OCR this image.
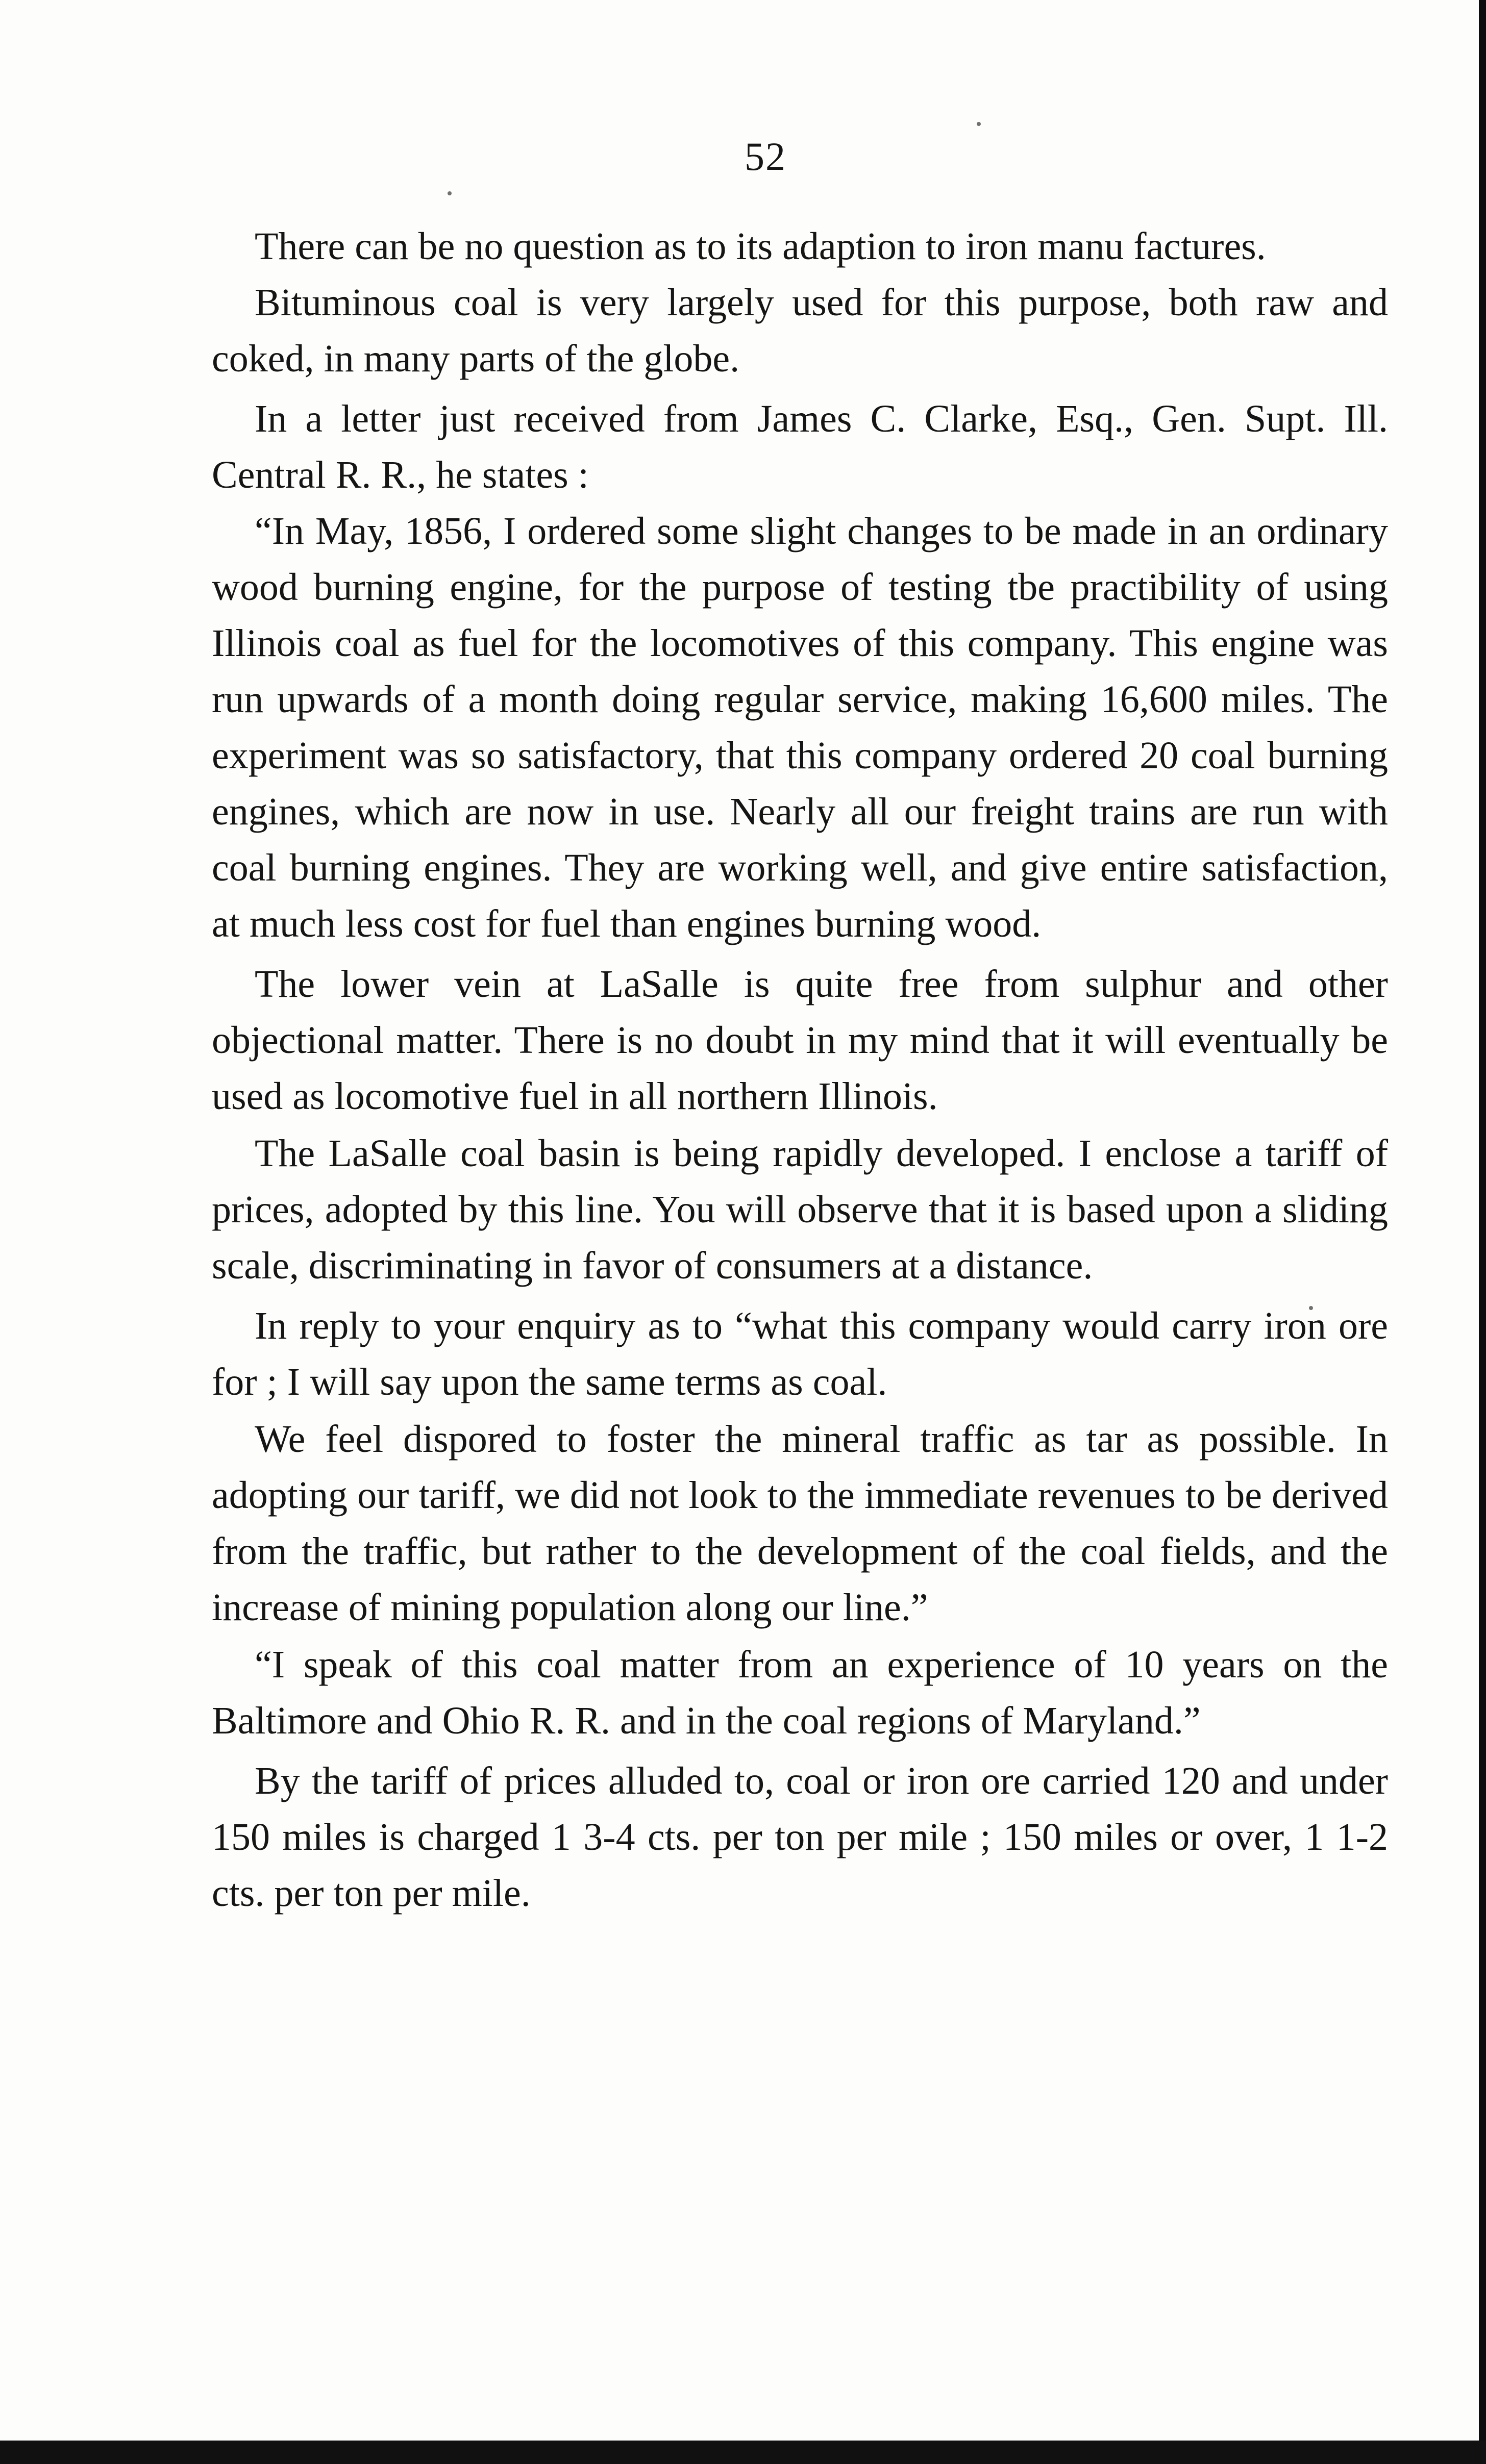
52

There can be no question as to its adaption to iron manu factures.

Bituminous coal is very largely used for this purpose, both raw and coked, in many parts of the globe.

In a letter just received from James C. Clarke, Esq., Gen. Supt. Ill. Central R. R., he states :

“In May, 1856, I ordered some slight changes to be made in an ordinary wood burning engine, for the purpose of testing tbe practibility of using Illinois coal as fuel for the locomotives of this company. This engine was run upwards of a month doing regular service, making 16,600 miles. The experiment was so satisfactory, that this company ordered 20 coal burning engines, which are now in use. Nearly all our freight trains are run with coal burning engines. They are working well, and give entire satisfaction, at much less cost for fuel than engines burning wood.

The lower vein at LaSalle is quite free from sulphur and other objectional matter. There is no doubt in my mind that it will eventually be used as locomotive fuel in all northern Illinois.

The LaSalle coal basin is being rapidly developed. I enclose a tariff of prices, adopted by this line. You will observe that it is based upon a sliding scale, discriminating in favor of consumers at a distance.

In reply to your enquiry as to “what this company would carry iron ore for ; I will say upon the same terms as coal.

We feel dispored to foster the mineral traffic as tar as possible. In adopting our tariff, we did not look to the immediate revenues to be derived from the traffic, but rather to the development of the coal fields, and the increase of mining population along our line.”

“I speak of this coal matter from an experience of 10 years on the Baltimore and Ohio R. R. and in the coal regions of Maryland.”

By the tariff of prices alluded to, coal or iron ore carried 120 and under 150 miles is charged 1 3-4 cts. per ton per mile ; 150 miles or over, 1 1-2 cts. per ton per mile.
